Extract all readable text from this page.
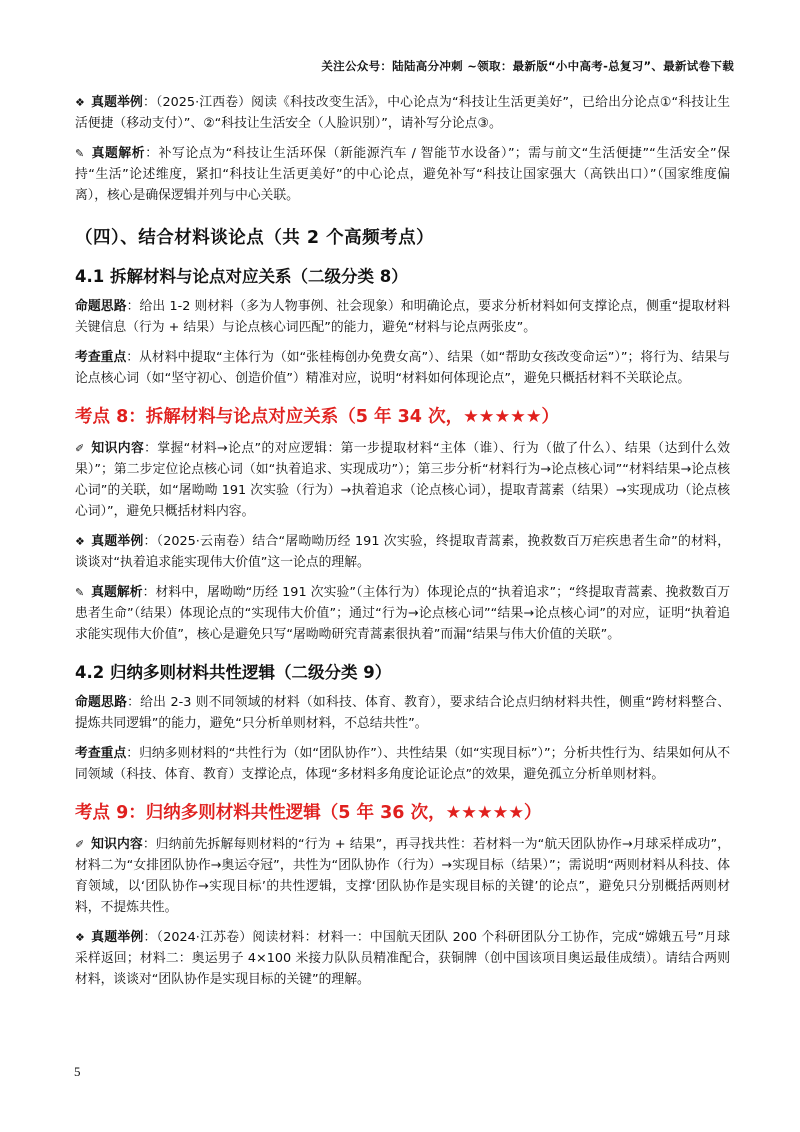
关注公众号：陆陆高分冲刺 ~领取：最新版“小中高考-总复习”、最新试卷下载

❖ 真题举例：（2025·江西卷）阅读《科技改变生活》，中心论点为“科技让生活更美好”，已给出分论点①“科技让生活便捷（移动支付）”、②“科技让生活安全（人脸识别）”，请补写分论点③。

✎ 真题解析：补写论点为“科技让生活环保（新能源汽车 / 智能节水设备）”；需与前文“生活便捷”“生活安全”保持“生活”论述维度，紧扣“科技让生活更美好”的中心论点，避免补写“科技让国家强大（高铁出口）”（国家维度偏离），核心是确保逻辑并列与中心关联。

（四）、结合材料谈论点（共 2 个高频考点）
4.1 拆解材料与论点对应关系（二级分类 8）

命题思路：给出 1-2 则材料（多为人物事例、社会现象）和明确论点，要求分析材料如何支撑论点，侧重“提取材料关键信息（行为 + 结果）与论点核心词匹配”的能力，避免“材料与论点两张皮”。

考查重点：从材料中提取“主体行为（如“张桂梅创办免费女高”）、结果（如“帮助女孩改变命运”）”；将行为、结果与论点核心词（如“坚守初心、创造价值”）精准对应，说明“材料如何体现论点”，避免只概括材料不关联论点。

考点 8：拆解材料与论点对应关系（5 年 34 次，★★★★★）

✐ 知识内容：掌握“材料→论点”的对应逻辑：第一步提取材料“主体（谁）、行为（做了什么）、结果（达到什么效果）”；第二步定位论点核心词（如“执着追求、实现成功”）；第三步分析“材料行为→论点核心词”“材料结果→论点核心词”的关联，如“屠呦呦 191 次实验（行为）→执着追求（论点核心词），提取青蒿素（结果）→实现成功（论点核心词）”，避免只概括材料内容。

❖ 真题举例：（2025·云南卷）结合“屠呦呦历经 191 次实验，终提取青蒿素，挽救数百万疟疾患者生命”的材料，谈谈对“执着追求能实现伟大价值”这一论点的理解。

✎ 真题解析：材料中，屠呦呦“历经 191 次实验”（主体行为）体现论点的“执着追求”；“终提取青蒿素、挽救数百万患者生命”（结果）体现论点的“实现伟大价值”；通过“行为→论点核心词”“结果→论点核心词”的对应，证明“执着追求能实现伟大价值”，核心是避免只写“屠呦呦研究青蒿素很执着”而漏“结果与伟大价值的关联”。

4.2 归纳多则材料共性逻辑（二级分类 9）

命题思路：给出 2-3 则不同领域的材料（如科技、体育、教育），要求结合论点归纳材料共性，侧重“跨材料整合、提炼共同逻辑”的能力，避免“只分析单则材料，不总结共性”。

考查重点：归纳多则材料的“共性行为（如“团队协作”）、共性结果（如“实现目标”）”；分析共性行为、结果如何从不同领域（科技、体育、教育）支撑论点，体现“多材料多角度论证论点”的效果，避免孤立分析单则材料。

考点 9：归纳多则材料共性逻辑（5 年 36 次，★★★★★）

✐ 知识内容：归纳前先拆解每则材料的“行为 + 结果”，再寻找共性：若材料一为“航天团队协作→月球采样成功”，材料二为“女排团队协作→奥运夺冠”，共性为“团队协作（行为）→实现目标（结果）”；需说明“两则材料从科技、体育领域，以‘团队协作→实现目标’的共性逻辑，支撑‘团队协作是实现目标的关键’的论点”，避免只分别概括两则材料，不提炼共性。

❖ 真题举例：（2024·江苏卷）阅读材料：材料一：中国航天团队 200 个科研团队分工协作，完成“嫦娥五号”月球采样返回；材料二：奥运男子 4×100 米接力队队员精准配合，获铜牌（创中国该项目奥运最佳成绩）。请结合两则材料，谈谈对“团队协作是实现目标的关键”的理解。

5
